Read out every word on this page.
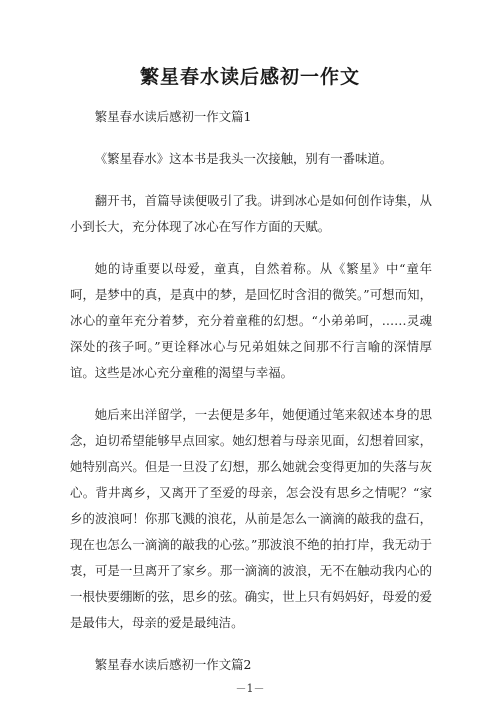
繁星春水读后感初一作文

繁星春水读后感初一作文篇1

《繁星春水》这本书是我头一次接触，别有一番味道。

翻开书，首篇导读便吸引了我。讲到冰心是如何创作诗集，从小到长大，充分体现了冰心在写作方面的天赋。

她的诗重要以母爱，童真，自然着称。从《繁星》中“童年呵，是梦中的真，是真中的梦，是回忆时含泪的微笑。”可想而知，冰心的童年充分着梦，充分着童稚的幻想。“小弟弟呵，……灵魂深处的孩子呵。”更诠释冰心与兄弟姐妹之间那不行言喻的深情厚谊。这些是冰心充分童稚的渴望与幸福。

她后来出洋留学，一去便是多年，她便通过笔来叙述本身的思念，迫切希望能够早点回家。她幻想着与母亲见面，幻想着回家，她特别高兴。但是一旦没了幻想，那么她就会变得更加的失落与灰心。背井离乡，又离开了至爱的母亲，怎会没有思乡之情呢？“家乡的波浪呵！你那飞溅的浪花，从前是怎么一滴滴的敲我的盘石，现在也怎么一滴滴的敲我的心弦。”那波浪不绝的拍打岸，我无动于衷，可是一旦离开了家乡。那一滴滴的波浪，无不在触动我内心的一根快要绷断的弦，思乡的弦。确实，世上只有妈妈好，母爱的爱是最伟大，母亲的爱是最纯洁。

繁星春水读后感初一作文篇2

－1－
